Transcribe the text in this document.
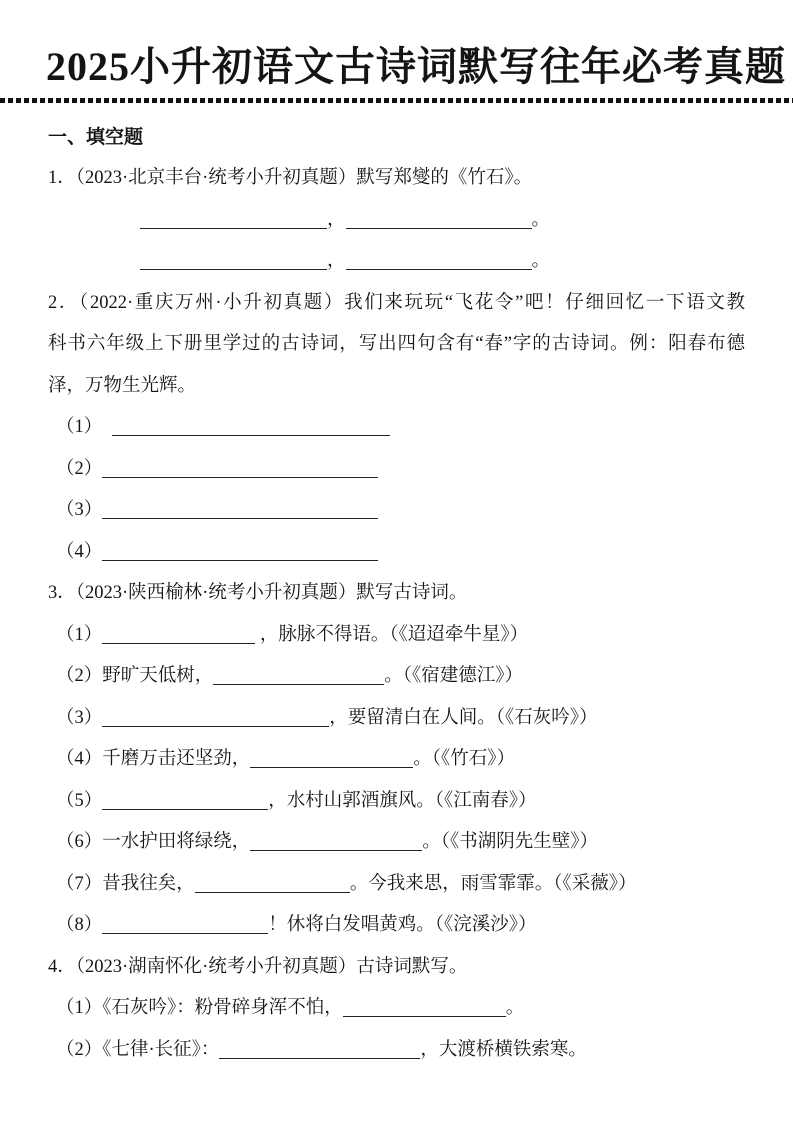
2025小升初语文古诗词默写往年必考真题
一、填空题
1．（2023·北京丰台·统考小升初真题）默写郑燮的《竹石》。
，	。
，	。
2．（2022·重庆万州·小升初真题）我们来玩玩“飞花令”吧！仔细回忆一下语文教
科书六年级上下册里学过的古诗词，写出四句含有“春”字的古诗词。例：阳春布德
泽，万物生光辉。
（1） 
（2）
（3）
（4）
3．（2023·陕西榆林·统考小升初真题）默写古诗词。
（1）	，脉脉不得语。（《迢迢牵牛星》）
（2）野旷天低树，	。（《宿建德江》）
（3）	，要留清白在人间。（《石灰吟》）
（4）千磨万击还坚劲，	。（《竹石》）
（5）	，水村山郭酒旗风。（《江南春》）
（6）一水护田将绿绕，	。（《书湖阴先生壁》）
（7）昔我往矣，	。今我来思，雨雪霏霏。（《采薇》）
（8）	！休将白发唱黄鸡。（《浣溪沙》）
4．（2023·湖南怀化·统考小升初真题）古诗词默写。
（1）《石灰吟》：粉骨碎身浑不怕，	。
（2）《七律·长征》：	，大渡桥横铁索寒。
